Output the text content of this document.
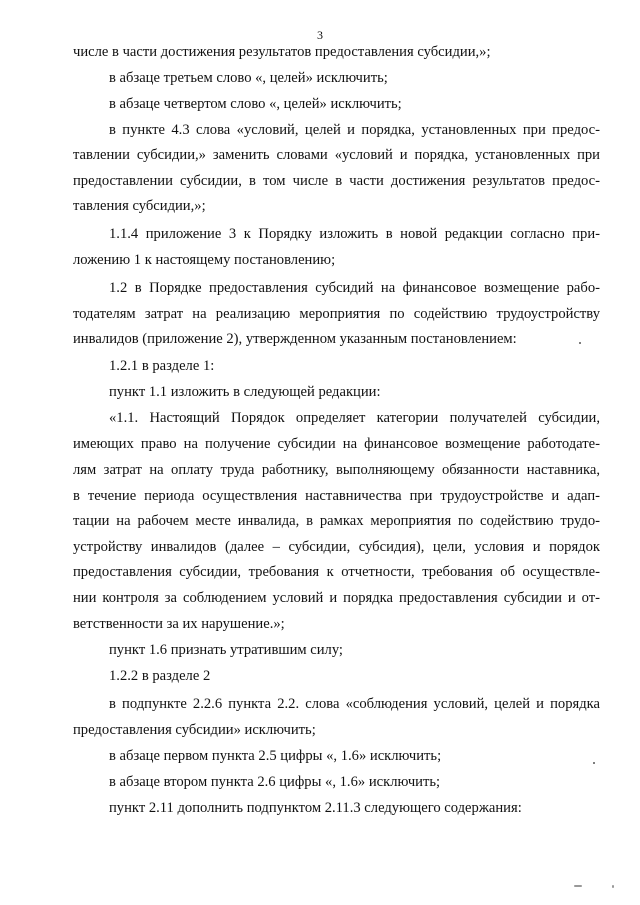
3
числе в части достижения результатов предоставления субсидии,»;
в абзаце третьем слово «, целей» исключить;
в абзаце четвертом слово «, целей» исключить;
в пункте 4.3 слова «условий, целей и порядка, установленных при предос-
тавлении субсидии,» заменить словами «условий и порядка, установленных при
предоставлении субсидии, в том числе в части достижения результатов предос-
тавления субсидии,»;
1.1.4 приложение 3 к Порядку изложить в новой редакции согласно при-
ложению 1 к настоящему постановлению;
1.2 в Порядке предоставления субсидий на финансовое возмещение рабо-
тодателям затрат на реализацию мероприятия по содействию трудоустройству
инвалидов (приложение 2), утвержденном указанным постановлением:
1.2.1 в разделе 1:
пункт 1.1 изложить в следующей редакции:
«1.1. Настоящий Порядок определяет категории получателей субсидии,
имеющих право на получение субсидии на финансовое возмещение работодате-
лям затрат на оплату труда работнику, выполняющему обязанности наставника,
в течение периода осуществления наставничества при трудоустройстве и адап-
тации на рабочем месте инвалида, в рамках мероприятия по содействию трудо-
устройству инвалидов (далее – субсидии, субсидия), цели, условия и порядок
предоставления субсидии, требования к отчетности, требования об осуществле-
нии контроля за соблюдением условий и порядка предоставления субсидии и от-
ветственности за их нарушение.»;
пункт 1.6 признать утратившим силу;
1.2.2 в разделе 2
в подпункте 2.2.6 пункта 2.2. слова «соблюдения условий, целей и порядка
предоставления субсидии» исключить;
в абзаце первом пункта 2.5 цифры «, 1.6» исключить;
в абзаце втором пункта 2.6 цифры «, 1.6» исключить;
пункт 2.11 дополнить подпунктом 2.11.3 следующего содержания:
